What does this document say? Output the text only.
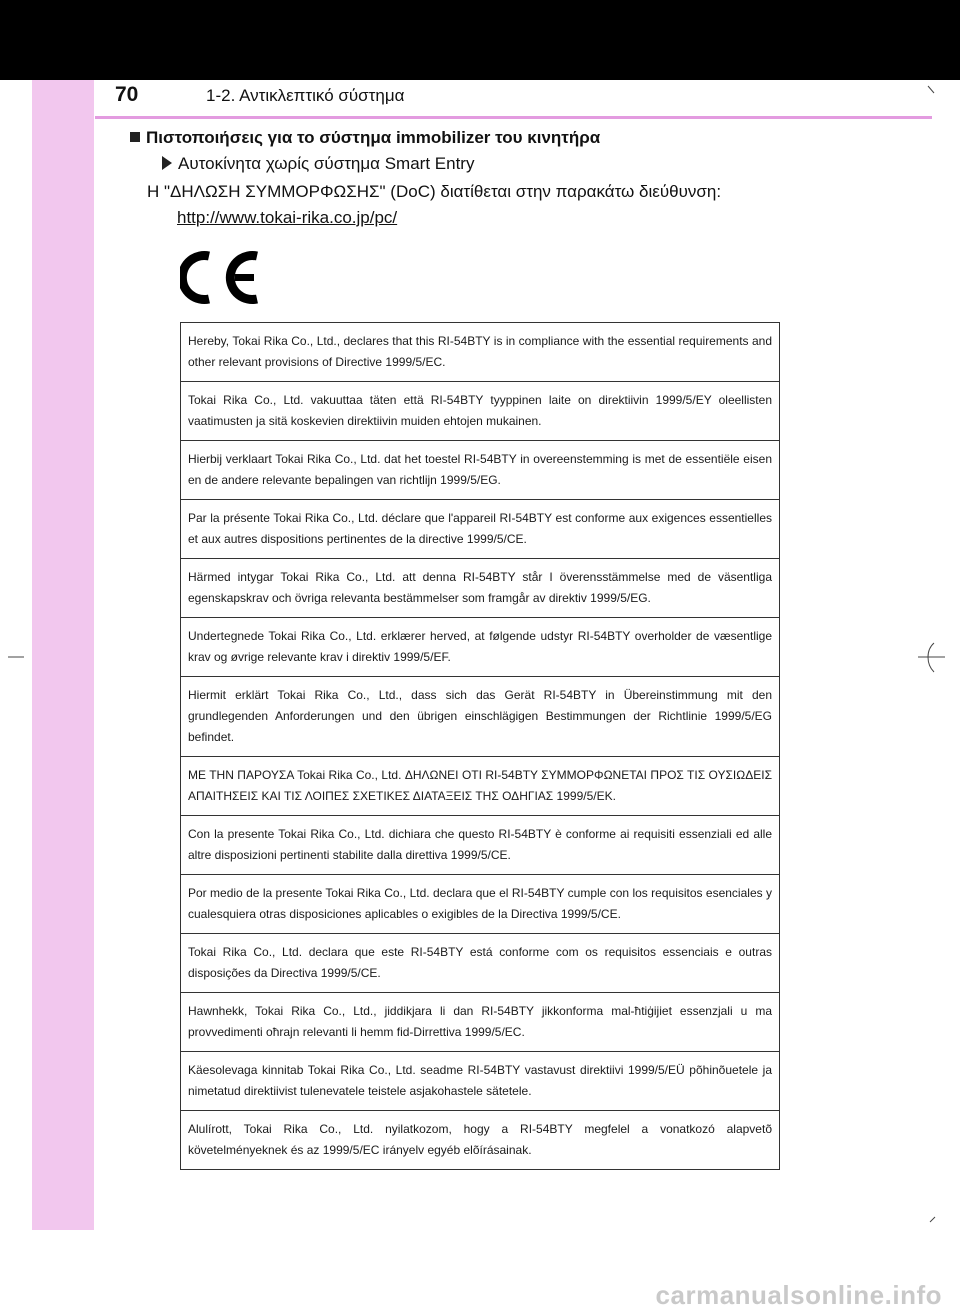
70	1-2. Αντικλεπτικό σύστημα
Πιστοποιήσεις για το σύστημα immobilizer του κινητήρα
Αυτοκίνητα χωρίς σύστημα Smart Entry
Η "ΔΗΛΩΣΗ ΣΥΜΜΟΡΦΩΣΗΣ" (DoC) διατίθεται στην παρακάτω διεύθυνση:
http://www.tokai-rika.co.jp/pc/
Hereby, Tokai Rika Co., Ltd., declares that this RI-54BTY is in compliance with the essential requirements and other relevant provisions of Directive 1999/5/EC.
Tokai Rika Co., Ltd. vakuuttaa täten että RI-54BTY tyyppinen laite on direktiivin 1999/5/EY oleellisten vaatimusten ja sitä koskevien direktiivin muiden ehtojen mukainen.
Hierbij verklaart Tokai Rika Co., Ltd. dat het toestel RI-54BTY in overeenstemming is met de essentiële eisen en de andere relevante bepalingen van richtlijn 1999/5/EG.
Par la présente Tokai Rika Co., Ltd. déclare que l'appareil RI-54BTY est conforme aux exigences essentielles et aux autres dispositions pertinentes de la directive 1999/5/CE.
Härmed intygar Tokai Rika Co., Ltd. att denna RI-54BTY står I överensstämmelse med de väsentliga egenskapskrav och övriga relevanta bestämmelser som framgår av direktiv 1999/5/EG.
Undertegnede Tokai Rika Co., Ltd. erklærer herved, at følgende udstyr RI-54BTY overholder de væsentlige krav og øvrige relevante krav i direktiv 1999/5/EF.
Hiermit erklärt Tokai Rika Co., Ltd., dass sich das Gerät RI-54BTY in Übereinstimmung mit den grundlegenden Anforderungen und den übrigen einschlägigen Bestimmungen der Richtlinie 1999/5/EG befindet.
ΜΕ ΤΗΝ ΠΑΡΟΥΣΑ Tokai Rika Co., Ltd. ΔΗΛΩΝΕΙ ΟΤΙ RI-54BTY ΣΥΜΜΟΡΦΩΝΕΤΑΙ ΠΡΟΣ ΤΙΣ ΟΥΣΙΩΔΕΙΣ ΑΠΑΙΤΗΣΕΙΣ ΚΑΙ ΤΙΣ ΛΟΙΠΕΣ ΣΧΕΤΙΚΕΣ ΔΙΑΤΑΞΕΙΣ ΤΗΣ ΟΔΗΓΙΑΣ 1999/5/ΕΚ.
Con la presente Tokai Rika Co., Ltd. dichiara che questo RI-54BTY è conforme ai requisiti essenziali ed alle altre disposizioni pertinenti stabilite dalla direttiva 1999/5/CE.
Por medio de la presente Tokai Rika Co., Ltd. declara que el RI-54BTY cumple con los requisitos esenciales y cualesquiera otras disposiciones aplicables o exigibles de la Directiva 1999/5/CE.
Tokai Rika Co., Ltd. declara que este RI-54BTY está conforme com os requisitos essenciais e outras disposições da Directiva 1999/5/CE.
Hawnhekk, Tokai Rika Co., Ltd., jiddikjara li dan RI-54BTY jikkonforma mal-ħtiġijiet essenzjali u ma provvedimenti oħrajn relevanti li hemm fid-Dirrettiva 1999/5/EC.
Käesolevaga kinnitab Tokai Rika Co., Ltd. seadme RI-54BTY vastavust direktiivi 1999/5/EÜ põhinõuetele ja nimetatud direktiivist tulenevatele teistele asjakohastele sätetele.
Alulírott, Tokai Rika Co., Ltd. nyilatkozom, hogy a RI-54BTY megfelel a vonatkozó alapvetõ követelményeknek és az 1999/5/EC irányelv egyéb elõírásainak.
carmanualsonline.info
